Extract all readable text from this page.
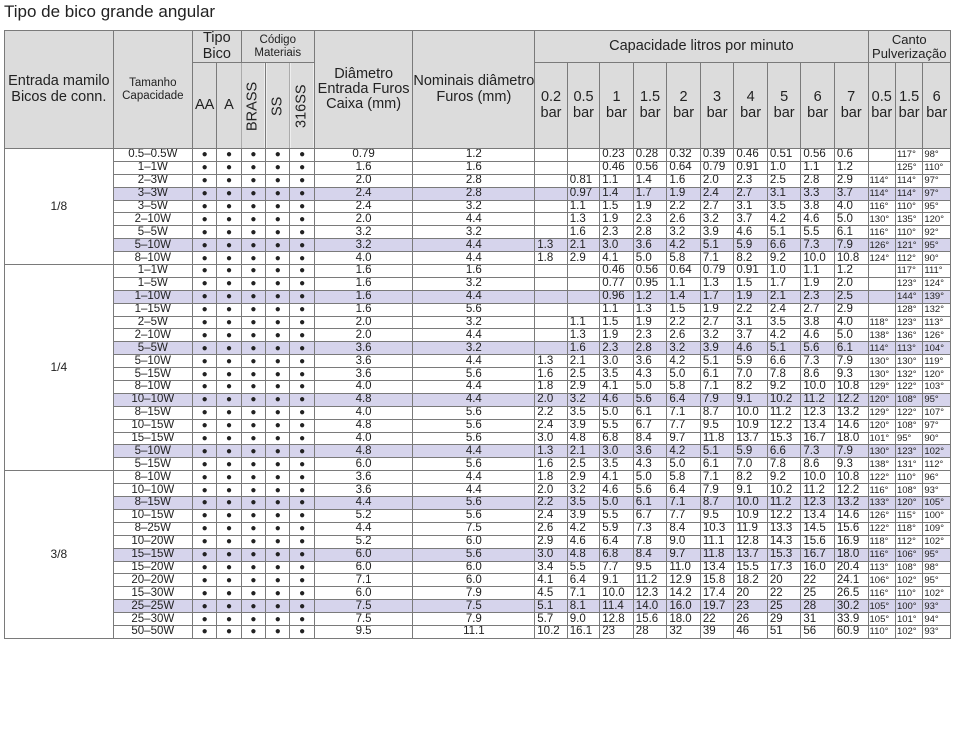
Tipo de bico grande angular
Entrada mamilo Bicos de conn.	Tamanho Capacidade	Tipo Bico		Código Materiais			Diâmetro Entrada Furos Caixa (mm)	Nominais diâmetro Furos (mm)	Capacidade litros por minuto										Canto Pulverização		
		AA	A	BRASS	SS	316SS			0.2 bar	0.5 bar	1 bar	1.5 bar	2 bar	3 bar	4 bar	5 bar	6 bar	7 bar	0.5 bar	1.5 bar	6 bar
1/8	0.5–0.5W	●	●	●	●	●	0.79	1.2			0.23	0.28	0.32	0.39	0.46	0.51	0.56	0.6		117°	98°
	1–1W	●	●	●	●	●	1.6	1.6			0.46	0.56	0.64	0.79	0.91	1.0	1.1	1.2		125°	110°
	2–3W	●	●	●	●	●	2.0	2.8		0.81	1.1	1.4	1.6	2.0	2.3	2.5	2.8	2.9	114°	114°	97°
	3–3W	●	●	●	●	●	2.4	2.8		0.97	1.4	1.7	1.9	2.4	2.7	3.1	3.3	3.7	114°	114°	97°
	3–5W	●	●	●	●	●	2.4	3.2		1.1	1.5	1.9	2.2	2.7	3.1	3.5	3.8	4.0	116°	110°	95°
	2–10W	●	●	●	●	●	2.0	4.4		1.3	1.9	2.3	2.6	3.2	3.7	4.2	4.6	5.0	130°	135°	120°
	5–5W	●	●	●	●	●	3.2	3.2		1.6	2.3	2.8	3.2	3.9	4.6	5.1	5.5	6.1	116°	110°	92°
	5–10W	●	●	●	●	●	3.2	4.4	1.3	2.1	3.0	3.6	4.2	5.1	5.9	6.6	7.3	7.9	126°	121°	95°
	8–10W	●	●	●	●	●	4.0	4.4	1.8	2.9	4.1	5.0	5.8	7.1	8.2	9.2	10.0	10.8	124°	112°	90°
1/4	1–1W	●	●	●	●	●	1.6	1.6			0.46	0.56	0.64	0.79	0.91	1.0	1.1	1.2		117°	111°
	1–5W	●	●	●	●	●	1.6	3.2			0.77	0.95	1.1	1.3	1.5	1.7	1.9	2.0		123°	124°
	1–10W	●	●	●	●	●	1.6	4.4			0.96	1.2	1.4	1.7	1.9	2.1	2.3	2.5		144°	139°
	1–15W	●	●	●	●	●	1.6	5.6			1.1	1.3	1.5	1.9	2.2	2.4	2.7	2.9		128°	132°
	2–5W	●	●	●	●	●	2.0	3.2		1.1	1.5	1.9	2.2	2.7	3.1	3.5	3.8	4.0	118°	123°	113°
	2–10W	●	●	●	●	●	2.0	4.4		1.3	1.9	2.3	2.6	3.2	3.7	4.2	4.6	5.0	138°	136°	126°
	5–5W	●	●	●	●	●	3.6	3.2		1.6	2.3	2.8	3.2	3.9	4.6	5.1	5.6	6.1	114°	113°	104°
	5–10W	●	●	●	●	●	3.6	4.4	1.3	2.1	3.0	3.6	4.2	5.1	5.9	6.6	7.3	7.9	130°	130°	119°
	5–15W	●	●	●	●	●	3.6	5.6	1.6	2.5	3.5	4.3	5.0	6.1	7.0	7.8	8.6	9.3	130°	132°	120°
	8–10W	●	●	●	●	●	4.0	4.4	1.8	2.9	4.1	5.0	5.8	7.1	8.2	9.2	10.0	10.8	129°	122°	103°
	10–10W	●	●	●	●	●	4.8	4.4	2.0	3.2	4.6	5.6	6.4	7.9	9.1	10.2	11.2	12.2	120°	108°	95°
	8–15W	●	●	●	●	●	4.0	5.6	2.2	3.5	5.0	6.1	7.1	8.7	10.0	11.2	12.3	13.2	129°	122°	107°
	10–15W	●	●	●	●	●	4.8	5.6	2.4	3.9	5.5	6.7	7.7	9.5	10.9	12.2	13.4	14.6	120°	108°	97°
	15–15W	●	●	●	●	●	4.0	5.6	3.0	4.8	6.8	8.4	9.7	11.8	13.7	15.3	16.7	18.0	101°	95°	90°
	5–10W	●	●	●	●	●	4.8	4.4	1.3	2.1	3.0	3.6	4.2	5.1	5.9	6.6	7.3	7.9	130°	123°	102°
	5–15W	●	●	●	●	●	6.0	5.6	1.6	2.5	3.5	4.3	5.0	6.1	7.0	7.8	8.6	9.3	138°	131°	112°
3/8	8–10W	●	●	●	●	●	3.6	4.4	1.8	2.9	4.1	5.0	5.8	7.1	8.2	9.2	10.0	10.8	122°	110°	96°
	10–10W	●	●	●	●	●	3.6	4.4	2.0	3.2	4.6	5.6	6.4	7.9	9.1	10.2	11.2	12.2	116°	108°	93°
	8–15W	●	●	●	●	●	4.4	5.6	2.2	3.5	5.0	6.1	7.1	8.7	10.0	11.2	12.3	13.2	133°	120°	105°
	10–15W	●	●	●	●	●	5.2	5.6	2.4	3.9	5.5	6.7	7.7	9.5	10.9	12.2	13.4	14.6	126°	115°	100°
	8–25W	●	●	●	●	●	4.4	7.5	2.6	4.2	5.9	7.3	8.4	10.3	11.9	13.3	14.5	15.6	122°	118°	109°
	10–20W	●	●	●	●	●	5.2	6.0	2.9	4.6	6.4	7.8	9.0	11.1	12.8	14.3	15.6	16.9	118°	112°	102°
	15–15W	●	●	●	●	●	6.0	5.6	3.0	4.8	6.8	8.4	9.7	11.8	13.7	15.3	16.7	18.0	116°	106°	95°
	15–20W	●	●	●	●	●	6.0	6.0	3.4	5.5	7.7	9.5	11.0	13.4	15.5	17.3	16.0	20.4	113°	108°	98°
	20–20W	●	●	●	●	●	7.1	6.0	4.1	6.4	9.1	11.2	12.9	15.8	18.2	20	22	24.1	106°	102°	95°
	15–30W	●	●	●	●	●	6.0	7.9	4.5	7.1	10.0	12.3	14.2	17.4	20	22	25	26.5	116°	110°	102°
	25–25W	●	●	●	●	●	7.5	7.5	5.1	8.1	11.4	14.0	16.0	19.7	23	25	28	30.2	105°	100°	93°
	25–30W	●	●	●	●	●	7.5	7.9	5.7	9.0	12.8	15.6	18.0	22	26	29	31	33.9	105°	101°	94°
	50–50W	●	●	●	●	●	9.5	11.1	10.2	16.1	23	28	32	39	46	51	56	60.9	110°	102°	93°
